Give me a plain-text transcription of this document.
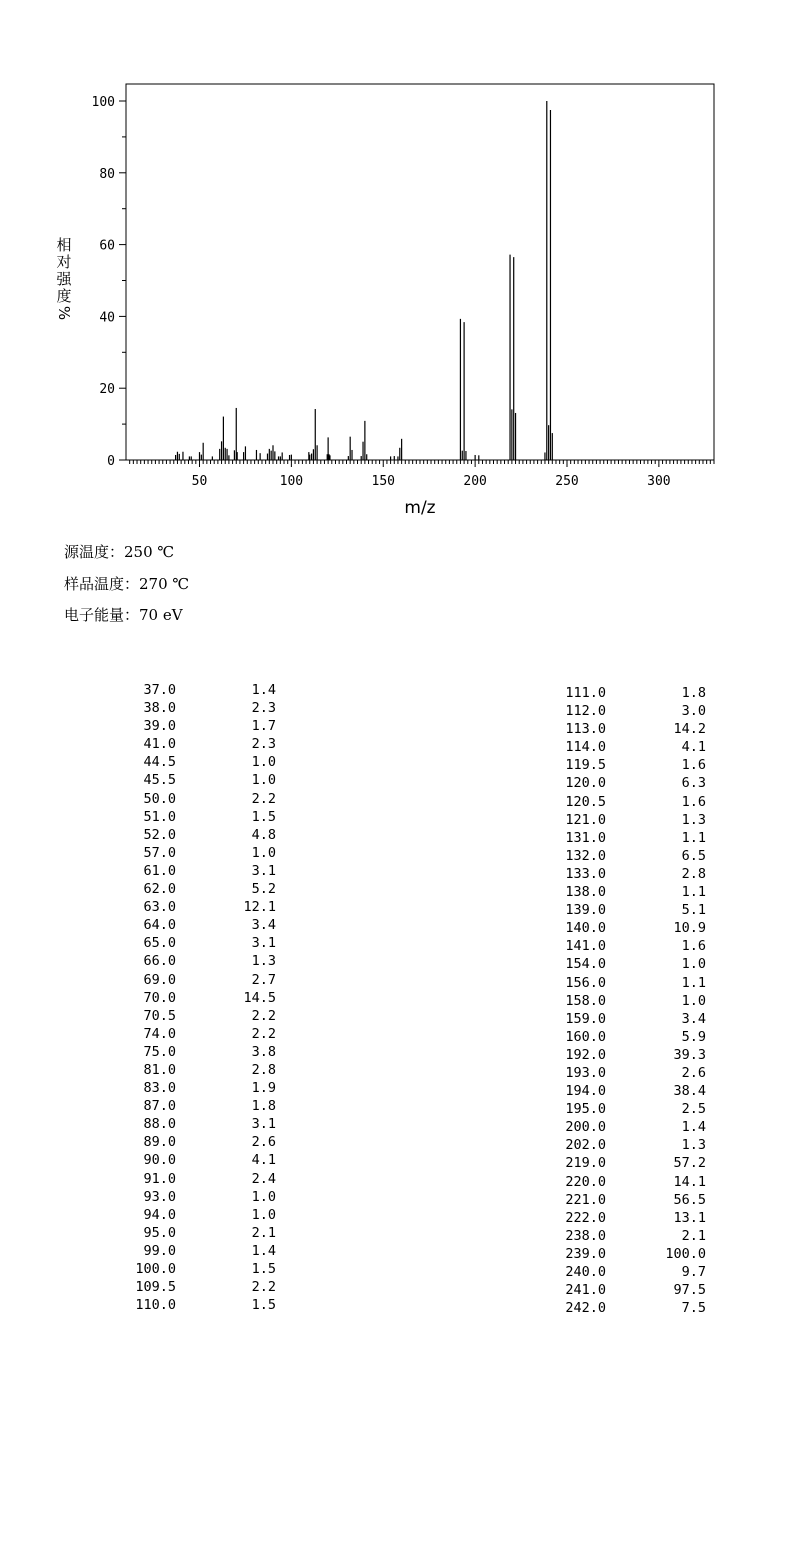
50	100	150	200	250	300
m/z
0
20
40
60
80
100
相
对
强
度
%
源温度：250 ℃
样品温度：270 ℃
电子能量：70 eV
37.0	1.4
38.0	2.3
39.0	1.7
41.0	2.3
44.5	1.0
45.5	1.0
50.0	2.2
51.0	1.5
52.0	4.8
57.0	1.0
61.0	3.1
62.0	5.2
63.0	12.1
64.0	3.4
65.0	3.1
66.0	1.3
69.0	2.7
70.0	14.5
70.5	2.2
74.0	2.2
75.0	3.8
81.0	2.8
83.0	1.9
87.0	1.8
88.0	3.1
89.0	2.6
90.0	4.1
91.0	2.4
93.0	1.0
94.0	1.0
95.0	2.1
99.0	1.4
100.0	1.5
109.5	2.2
110.0	1.5
111.0	1.8
112.0	3.0
113.0	14.2
114.0	4.1
119.5	1.6
120.0	6.3
120.5	1.6
121.0	1.3
131.0	1.1
132.0	6.5
133.0	2.8
138.0	1.1
139.0	5.1
140.0	10.9
141.0	1.6
154.0	1.0
156.0	1.1
158.0	1.0
159.0	3.4
160.0	5.9
192.0	39.3
193.0	2.6
194.0	38.4
195.0	2.5
200.0	1.4
202.0	1.3
219.0	57.2
220.0	14.1
221.0	56.5
222.0	13.1
238.0	2.1
239.0	100.0
240.0	9.7
241.0	97.5
242.0	7.5
